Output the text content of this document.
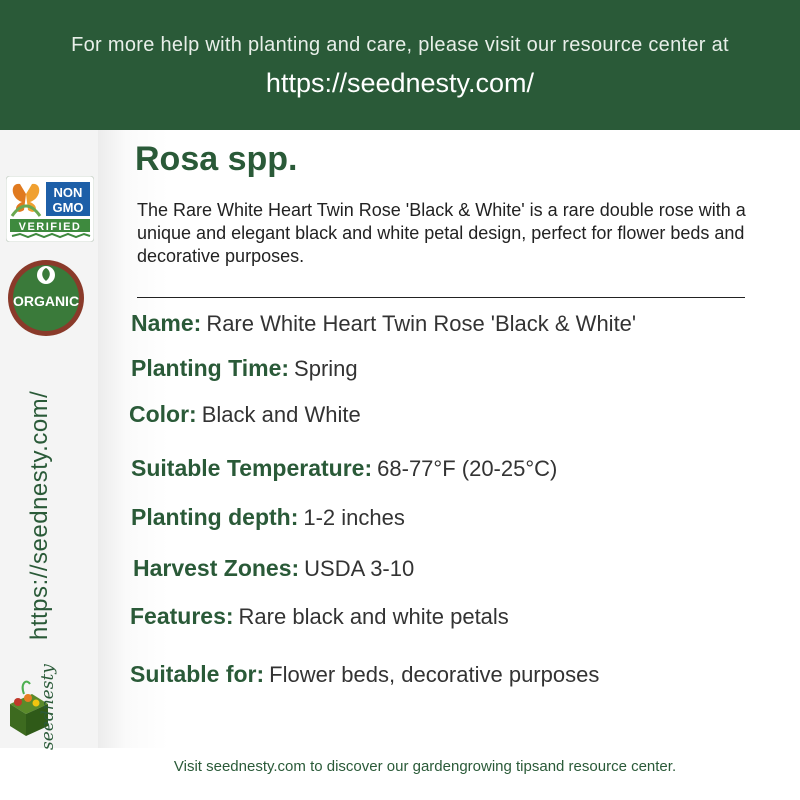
For more help with planting and care, please visit our resource center at
https://seednesty.com/
NON
GMO
VERIFIED
ORGANIC
https://seednesty.com/
seednesty
Rosa spp.

The Rare White Heart Twin Rose 'Black & White' is a rare double rose with a unique and elegant black and white petal design, perfect for flower beds and decorative purposes.

Name: Rare White Heart Twin Rose 'Black & White'
Planting Time: Spring
Color: Black and White
Suitable Temperature: 68-77°F (20-25°C)
Planting depth: 1-2 inches
Harvest Zones: USDA 3-10
Features: Rare black and white petals
Suitable for: Flower beds, decorative purposes
Visit seednesty.com to discover our gardengrowing tipsand resource center.
